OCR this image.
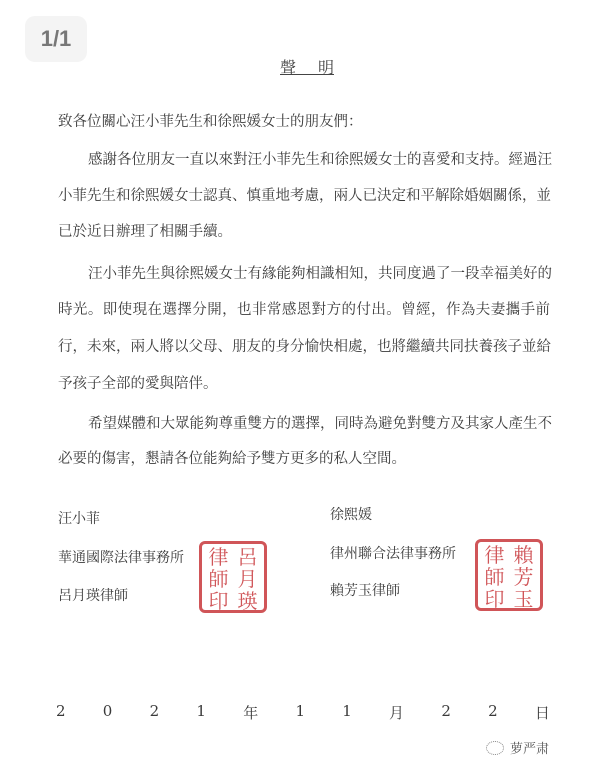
1/1
聲明
致各位關心汪小菲先生和徐熙媛女士的朋友們：
感謝各位朋友一直以來對汪小菲先生和徐熙媛女士的喜愛和支持。經過汪
小菲先生和徐熙媛女士認真、慎重地考慮，兩人已決定和平解除婚姻關係，並
已於近日辦理了相關手續。
汪小菲先生與徐熙媛女士有緣能夠相識相知，共同度過了一段幸福美好的
時光。即使現在選擇分開，也非常感恩對方的付出。曾經，作為夫妻攜手前
行，未來，兩人將以父母、朋友的身分愉快相處，也將繼續共同扶養孩子並給
予孩子全部的愛與陪伴。
希望媒體和大眾能夠尊重雙方的選擇，同時為避免對雙方及其家人產生不
必要的傷害，懇請各位能夠給予雙方更多的私人空間。
汪小菲
華通國際法律事務所
呂月瑛律師
呂
月
瑛
律
師
印
徐熙媛
律州聯合法律事務所
賴芳玉律師
賴
芳
玉
律
師
印
2 0 2 1 年 1 1 月 2 2 日
萝严肃
